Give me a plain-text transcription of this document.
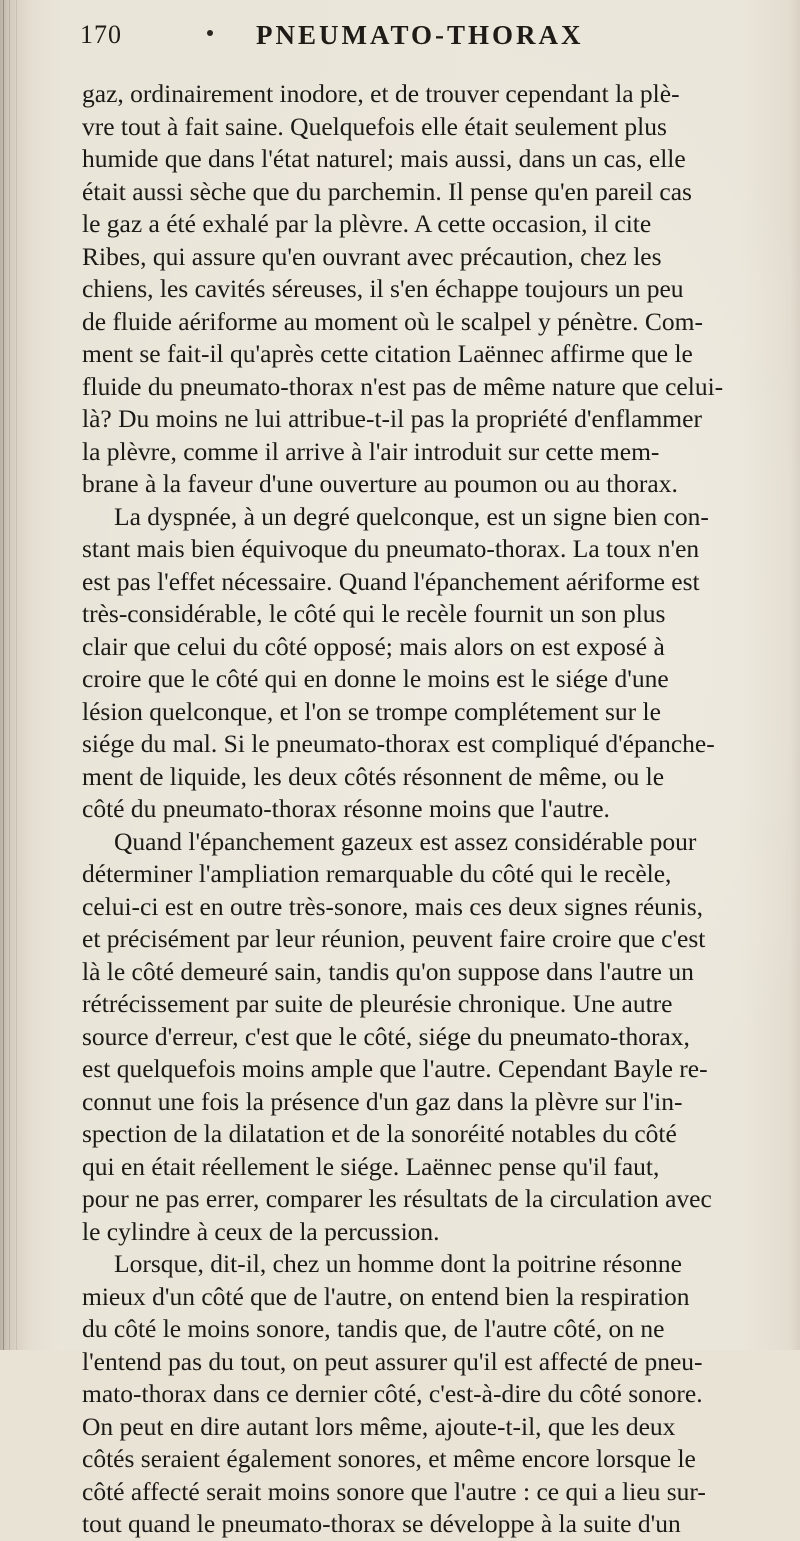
170	PNEUMATO-THORAX
gaz, ordinairement inodore, et de trouver cependant la plè-
vre tout à fait saine. Quelquefois elle était seulement plus
humide que dans l'état naturel; mais aussi, dans un cas, elle
était aussi sèche que du parchemin. Il pense qu'en pareil cas
le gaz a été exhalé par la plèvre. A cette occasion, il cite
Ribes, qui assure qu'en ouvrant avec précaution, chez les
chiens, les cavités séreuses, il s'en échappe toujours un peu
de fluide aériforme au moment où le scalpel y pénètre. Com-
ment se fait-il qu'après cette citation Laënnec affirme que le
fluide du pneumato-thorax n'est pas de même nature que celui-
là? Du moins ne lui attribue-t-il pas la propriété d'enflammer
la plèvre, comme il arrive à l'air introduit sur cette mem-
brane à la faveur d'une ouverture au poumon ou au thorax.
La dyspnée, à un degré quelconque, est un signe bien con-
stant mais bien équivoque du pneumato-thorax. La toux n'en
est pas l'effet nécessaire. Quand l'épanchement aériforme est
très-considérable, le côté qui le recèle fournit un son plus
clair que celui du côté opposé; mais alors on est exposé à
croire que le côté qui en donne le moins est le siége d'une
lésion quelconque, et l'on se trompe complétement sur le
siége du mal. Si le pneumato-thorax est compliqué d'épanche-
ment de liquide, les deux côtés résonnent de même, ou le
côté du pneumato-thorax résonne moins que l'autre.
Quand l'épanchement gazeux est assez considérable pour
déterminer l'ampliation remarquable du côté qui le recèle,
celui-ci est en outre très-sonore, mais ces deux signes réunis,
et précisément par leur réunion, peuvent faire croire que c'est
là le côté demeuré sain, tandis qu'on suppose dans l'autre un
rétrécissement par suite de pleurésie chronique. Une autre
source d'erreur, c'est que le côté, siége du pneumato-thorax,
est quelquefois moins ample que l'autre. Cependant Bayle re-
connut une fois la présence d'un gaz dans la plèvre sur l'in-
spection de la dilatation et de la sonoréité notables du côté
qui en était réellement le siége. Laënnec pense qu'il faut,
pour ne pas errer, comparer les résultats de la circulation avec
le cylindre à ceux de la percussion.
Lorsque, dit-il, chez un homme dont la poitrine résonne
mieux d'un côté que de l'autre, on entend bien la respiration
du côté le moins sonore, tandis que, de l'autre côté, on ne
l'entend pas du tout, on peut assurer qu'il est affecté de pneu-
mato-thorax dans ce dernier côté, c'est-à-dire du côté sonore.
On peut en dire autant lors même, ajoute-t-il, que les deux
côtés seraient également sonores, et même encore lorsque le
côté affecté serait moins sonore que l'autre : ce qui a lieu sur-
tout quand le pneumato-thorax se développe à la suite d'un
